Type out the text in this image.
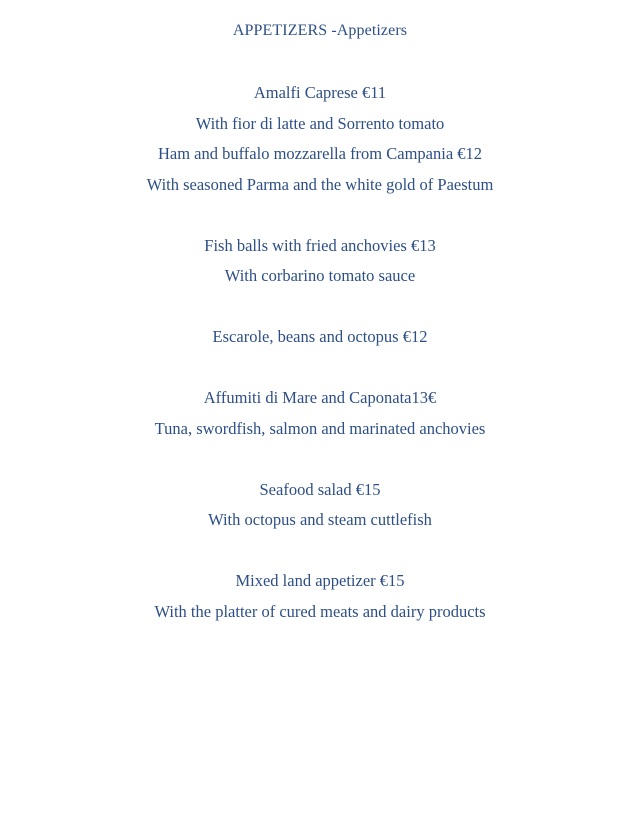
APPETIZERS -Appetizers
Amalfi Caprese €11
With fior di latte and Sorrento tomato
Ham and buffalo mozzarella from Campania €12
With seasoned Parma and the white gold of Paestum
Fish balls with fried anchovies €13
With corbarino tomato sauce
Escarole, beans and octopus €12
Affumiti di Mare and Caponata13€
Tuna, swordfish, salmon and marinated anchovies
Seafood salad €15
With octopus and steam cuttlefish
Mixed land appetizer €15
With the platter of cured meats and dairy products
